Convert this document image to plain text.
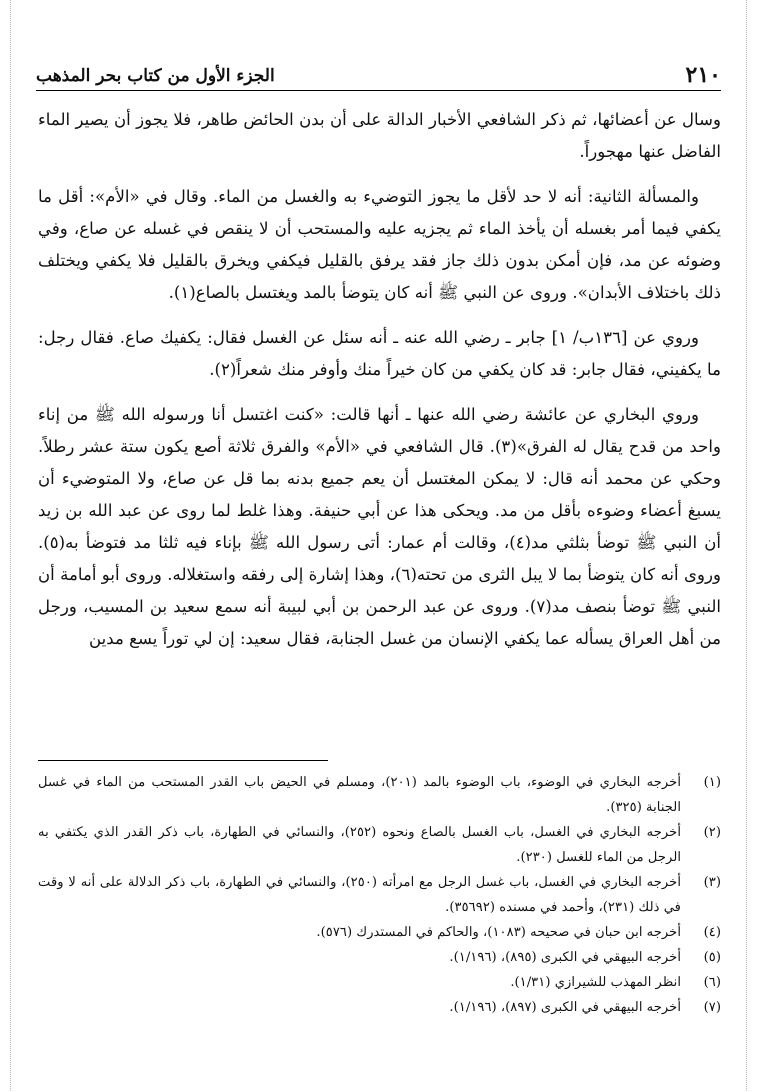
٢١٠
الجزء الأول من كتاب بحر المذهب

وسال عن أعضائها، ثم ذكر الشافعي الأخبار الدالة على أن بدن الحائض طاهر، فلا يجوز أن يصير الماء الفاضل عنها مهجوراً.

والمسألة الثانية: أنه لا حد لأقل ما يجوز التوضيء به والغسل من الماء. وقال في «الأم»: أقل ما يكفي فيما أمر بغسله أن يأخذ الماء ثم يجزيه عليه والمستحب أن لا ينقص في غسله عن صاع، وفي وضوئه عن مد، فإن أمكن بدون ذلك جاز فقد يرفق بالقليل فيكفي ويخرق بالقليل فلا يكفي ويختلف ذلك باختلاف الأبدان». وروى عن النبي ﷺ أنه كان يتوضأ بالمد ويغتسل بالصاع(١).

وروي عن [١٣٦ب/ ١] جابر ـ رضي الله عنه ـ أنه سئل عن الغسل فقال: يكفيك صاع. فقال رجل: ما يكفيني، فقال جابر: قد كان يكفي من كان خيراً منك وأوفر منك شعراً(٢).

وروي البخاري عن عائشة رضي الله عنها ـ أنها قالت: «كنت اغتسل أنا ورسوله الله ﷺ من إناء واحد من قدح يقال له الفرق»(٣). قال الشافعي في «الأم» والفرق ثلاثة أصع يكون ستة عشر رطلاً. وحكي عن محمد أنه قال: لا يمكن المغتسل أن يعم جميع بدنه بما قل عن صاع، ولا المتوضيء أن يسبغ أعضاء وضوءه بأقل من مد. ويحكى هذا عن أبي حنيفة. وهذا غلط لما روى عن عبد الله بن زيد أن النبي ﷺ توضأ بثلثي مد(٤)، وقالت أم عمار: أتى رسول الله ﷺ بإناء فيه ثلثا مد فتوضأ به(٥). وروى أنه كان يتوضأ بما لا يبل الثرى من تحته(٦)، وهذا إشارة إلى رفقه واستغلاله. وروى أبو أمامة أن النبي ﷺ توضأ بنصف مد(٧). وروى عن عبد الرحمن بن أبي لبيبة أنه سمع سعيد بن المسيب، ورجل من أهل العراق يسأله عما يكفي الإنسان من غسل الجنابة، فقال سعيد: إن لي توراً يسع مدين

(١)
أخرجه البخاري في الوضوء، باب الوضوء بالمد (٢٠١)، ومسلم في الحيض باب القدر المستحب من الماء في غسل الجنابة (٣٢٥).
(٢)
أخرجه البخاري في الغسل، باب الغسل بالصاع ونحوه (٢٥٢)، والنسائي في الطهارة، باب ذكر القدر الذي يكتفي به الرجل من الماء للغسل (٢٣٠).
(٣)
أخرجه البخاري في الغسل، باب غسل الرجل مع امرأته (٢٥٠)، والنسائي في الطهارة، باب ذكر الدلالة على أنه لا وقت في ذلك (٢٣١)، وأحمد في مسنده (٣٥٦٩٢).
(٤)
أخرجه ابن حبان في صحيحه (١٠٨٣)، والحاكم في المستدرك (٥٧٦).
(٥)
أخرجه البيهقي في الكبرى (٨٩٥)، (١/١٩٦).
(٦)
انظر المهذب للشيرازي (١/٣١).
(٧)
أخرجه البيهقي في الكبرى (٨٩٧)، (١/١٩٦).
